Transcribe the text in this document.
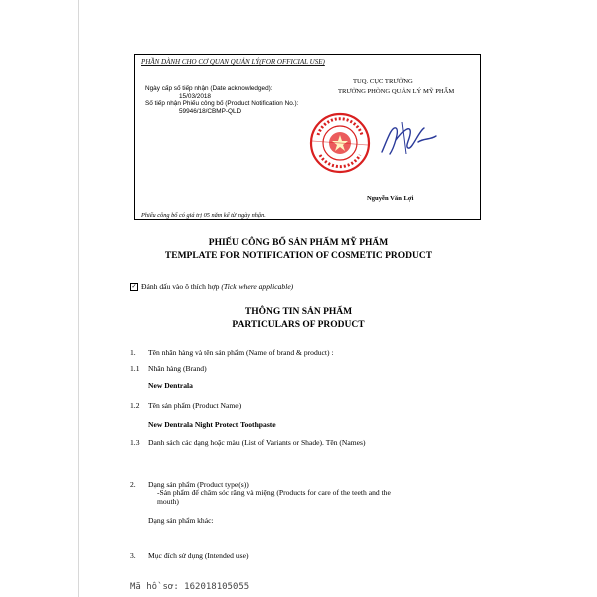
PHẦN DÀNH CHO CƠ QUAN QUẢN LÝ(FOR OFFICIAL USE)
Ngày cấp số tiếp nhận (Date acknowledged):
15/03/2018
Số tiếp nhận Phiếu công bố (Product Notification No.):
59946/18/CBMP-QLD
TUQ. CỤC TRƯỞNG
TRƯỞNG PHÒNG QUẢN LÝ MỸ PHẨM
Nguyễn Văn Lợi
Phiếu công bố có giá trị 05 năm kể từ ngày nhận.
PHIẾU CÔNG BỐ SẢN PHẨM MỸ PHẨM
TEMPLATE FOR NOTIFICATION OF COSMETIC PRODUCT
✓ Đánh dấu vào ô thích hợp (Tick where applicable)
THÔNG TIN SẢN PHẨM
PARTICULARS OF PRODUCT
1. Tên nhãn hàng và tên sản phẩm (Name of brand & product) :
1.1 Nhãn hàng (Brand)
New Dentrala
1.2 Tên sản phẩm (Product Name)
New Dentrala Night Protect Toothpaste
1.3 Danh sách các dạng hoặc màu (List of Variants or Shade). Tên (Names)
2. Dạng sản phẩm (Product type(s))
-Sản phẩm để chăm sóc răng và miệng (Products for care of the teeth and the
mouth)
Dạng sản phẩm khác:
3. Mục đích sử dụng (Intended use)
Mã hồ sơ: 162018105055
